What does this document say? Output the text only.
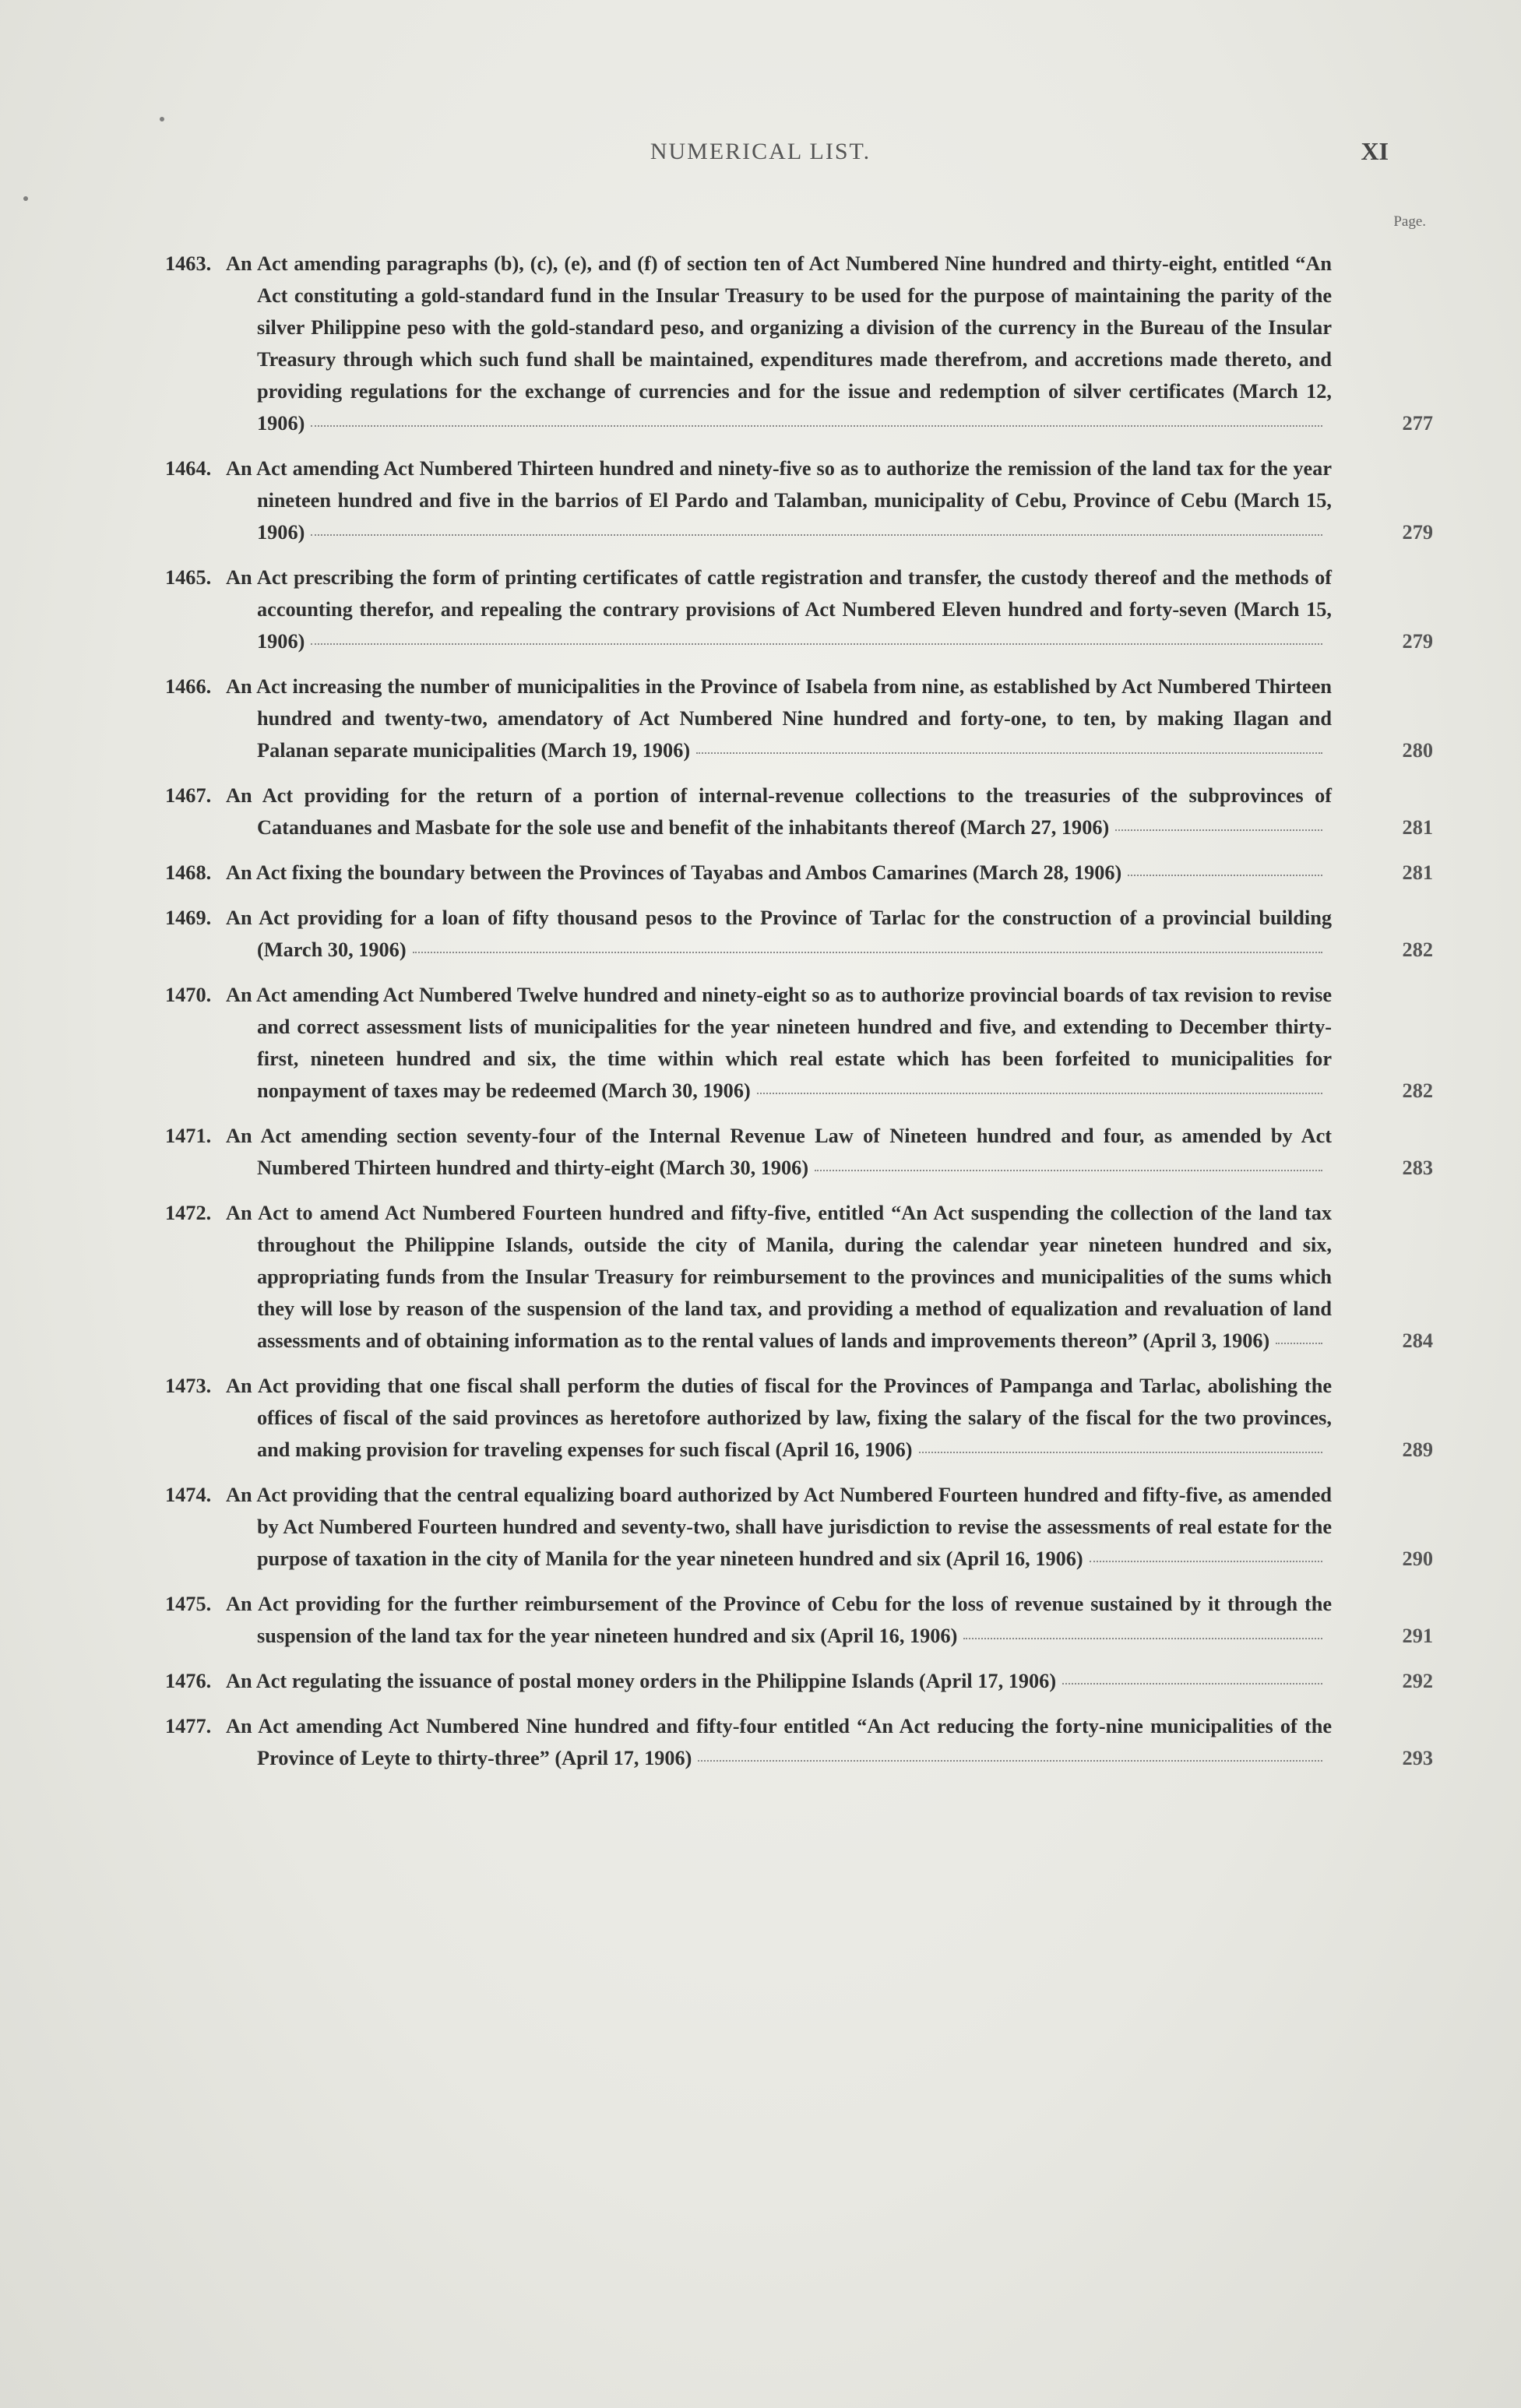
NUMERICAL LIST.	XI
Page.
1463. An Act amending paragraphs (b), (c), (e), and (f) of section ten of Act Numbered Nine hundred and thirty-eight, entitled “An Act constituting a gold-standard fund in the Insular Treasury to be used for the purpose of maintaining the parity of the silver Philippine peso with the gold-standard peso, and organizing a division of the currency in the Bureau of the Insular Treasury through which such fund shall be maintained, expenditures made therefrom, and accretions made thereto, and providing regulations for the exchange of currencies and for the issue and redemption of silver certificates (March 12, 1906)	277
1464. An Act amending Act Numbered Thirteen hundred and ninety-five so as to authorize the remission of the land tax for the year nineteen hundred and five in the barrios of El Pardo and Talamban, municipality of Cebu, Province of Cebu (March 15, 1906)	279
1465. An Act prescribing the form of printing certificates of cattle registration and transfer, the custody thereof and the methods of accounting therefor, and repealing the contrary provisions of Act Numbered Eleven hundred and forty-seven (March 15, 1906)	279
1466. An Act increasing the number of municipalities in the Province of Isabela from nine, as established by Act Numbered Thirteen hundred and twenty-two, amendatory of Act Numbered Nine hundred and forty-one, to ten, by making Ilagan and Palanan separate municipalities (March 19, 1906)	280
1467. An Act providing for the return of a portion of internal-revenue collections to the treasuries of the subprovinces of Catanduanes and Masbate for the sole use and benefit of the inhabitants thereof (March 27, 1906)	281
1468. An Act fixing the boundary between the Provinces of Tayabas and Ambos Camarines (March 28, 1906)	281
1469. An Act providing for a loan of fifty thousand pesos to the Province of Tarlac for the construction of a provincial building (March 30, 1906)	282
1470. An Act amending Act Numbered Twelve hundred and ninety-eight so as to authorize provincial boards of tax revision to revise and correct assessment lists of municipalities for the year nineteen hundred and five, and extending to December thirty-first, nineteen hundred and six, the time within which real estate which has been forfeited to municipalities for nonpayment of taxes may be redeemed (March 30, 1906)	282
1471. An Act amending section seventy-four of the Internal Revenue Law of Nineteen hundred and four, as amended by Act Numbered Thirteen hundred and thirty-eight (March 30, 1906)	283
1472. An Act to amend Act Numbered Fourteen hundred and fifty-five, entitled “An Act suspending the collection of the land tax throughout the Philippine Islands, outside the city of Manila, during the calendar year nineteen hundred and six, appropriating funds from the Insular Treasury for reimbursement to the provinces and municipalities of the sums which they will lose by reason of the suspension of the land tax, and providing a method of equalization and revaluation of land assessments and of obtaining information as to the rental values of lands and improvements thereon” (April 3, 1906)	284
1473. An Act providing that one fiscal shall perform the duties of fiscal for the Provinces of Pampanga and Tarlac, abolishing the offices of fiscal of the said provinces as heretofore authorized by law, fixing the salary of the fiscal for the two provinces, and making provision for traveling expenses for such fiscal (April 16, 1906)	289
1474. An Act providing that the central equalizing board authorized by Act Numbered Fourteen hundred and fifty-five, as amended by Act Numbered Fourteen hundred and seventy-two, shall have jurisdiction to revise the assessments of real estate for the purpose of taxation in the city of Manila for the year nineteen hundred and six (April 16, 1906)	290
1475. An Act providing for the further reimbursement of the Province of Cebu for the loss of revenue sustained by it through the suspension of the land tax for the year nineteen hundred and six (April 16, 1906)	291
1476. An Act regulating the issuance of postal money orders in the Philippine Islands (April 17, 1906)	292
1477. An Act amending Act Numbered Nine hundred and fifty-four entitled “An Act reducing the forty-nine municipalities of the Province of Leyte to thirty-three” (April 17, 1906)	293
